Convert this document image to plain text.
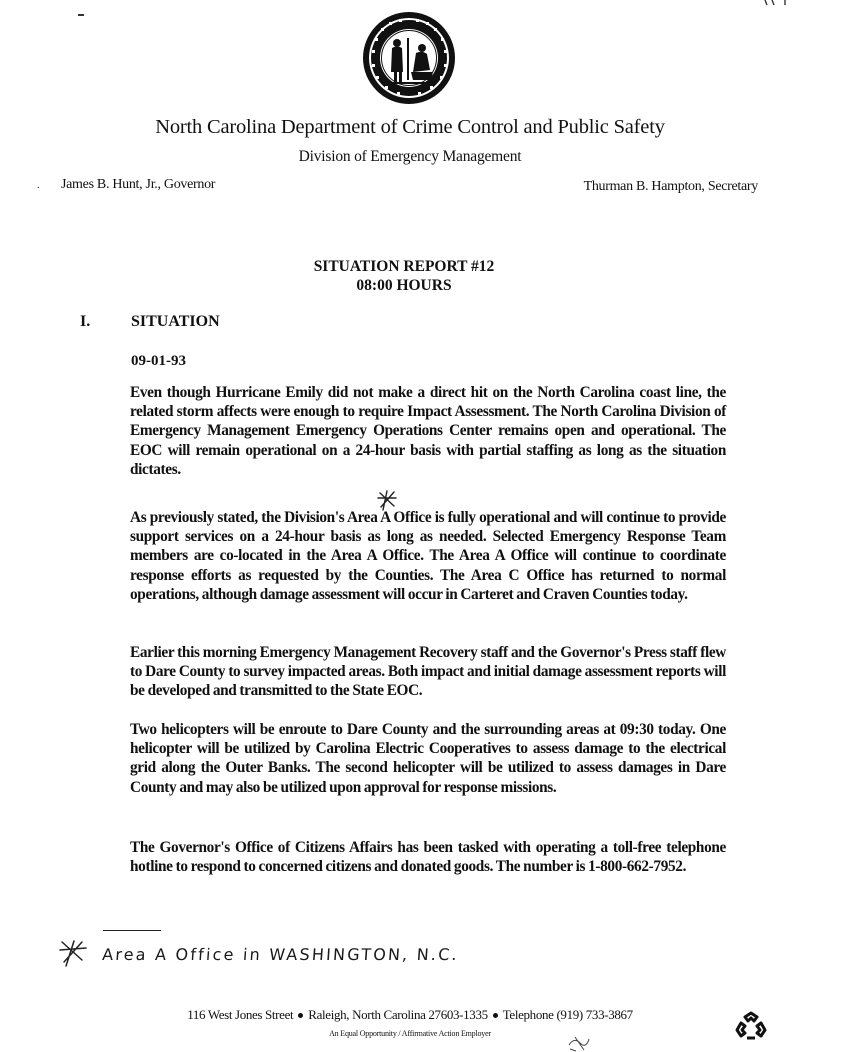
North Carolina Department of Crime Control and Public Safety
Division of Emergency Management
. James B. Hunt, Jr., Governor	Thurman B. Hampton, Secretary
SITUATION REPORT #12
08:00 HOURS
I.	SITUATION
09-01-93

Even though Hurricane Emily did not make a direct hit on the North Carolina coast line, the related storm affects were enough to require Impact Assessment. The North Carolina Division of Emergency Management Emergency Operations Center remains open and operational. The EOC will remain operational on a 24-hour basis with partial staffing as long as the situation dictates.

As previously stated, the Division's Area A Office is fully operational and will continue to provide support services on a 24-hour basis as long as needed. Selected Emergency Response Team members are co-located in the Area A Office. The Area A Office will continue to coordinate response efforts as requested by the Counties. The Area C Office has returned to normal operations, although damage assessment will occur in Carteret and Craven Counties today.

Earlier this morning Emergency Management Recovery staff and the Governor's Press staff flew to Dare County to survey impacted areas. Both impact and initial damage assessment reports will be developed and transmitted to the State EOC.

Two helicopters will be enroute to Dare County and the surrounding areas at 09:30 today. One helicopter will be utilized by Carolina Electric Cooperatives to assess damage to the electrical grid along the Outer Banks. The second helicopter will be utilized to assess damages in Dare County and may also be utilized upon approval for response missions.

The Governor's Office of Citizens Affairs has been tasked with operating a toll-free telephone hotline to respond to concerned citizens and donated goods. The number is 1-800-662-7952.

Area A Office in WASHINGTON, N.C.
116 West Jones Street Raleigh, North Carolina 27603-1335 Telephone (919) 733-3867
An Equal Opportunity / Affirmative Action Employer
